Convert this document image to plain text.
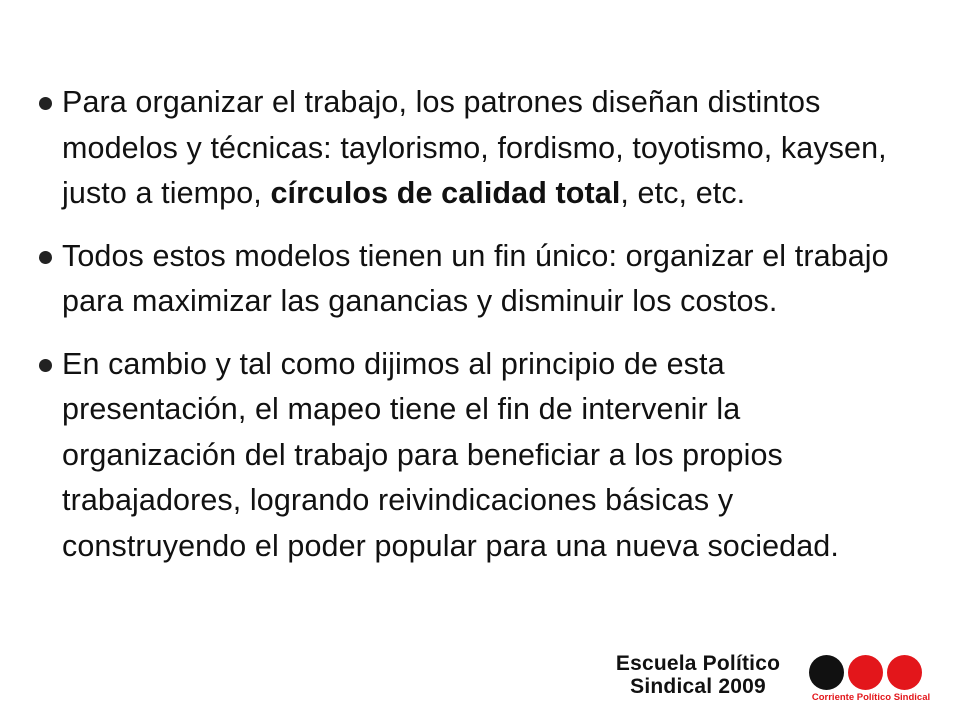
Para organizar el trabajo, los patrones diseñan distintos modelos y técnicas: taylorismo, fordismo, toyotismo, kaysen, justo a tiempo, círculos de calidad total, etc, etc.
Todos estos modelos tienen un fin único: organizar el trabajo para maximizar las ganancias y disminuir los costos.
En cambio y tal como dijimos al principio de esta presentación, el mapeo tiene el fin de intervenir la organización del trabajo para beneficiar a los propios trabajadores, logrando reivindicaciones básicas y construyendo el poder popular para una nueva sociedad.
Escuela Político
Sindical 2009	Corriente Político Sindical
